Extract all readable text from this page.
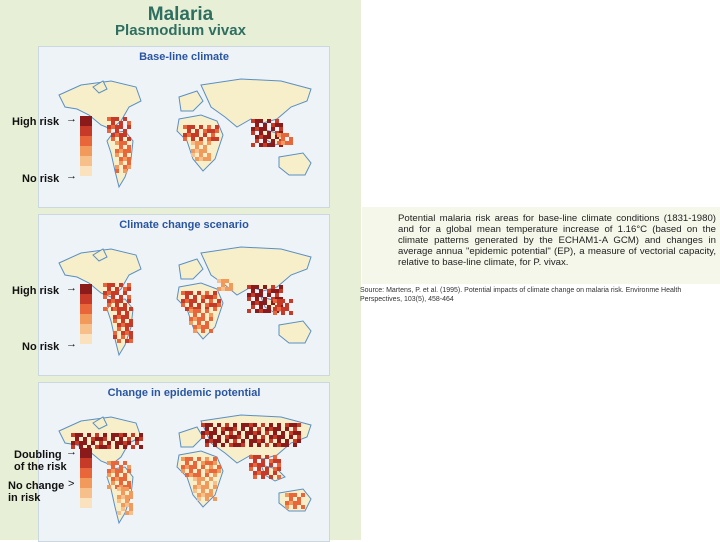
Malaria
Plasmodium vivax
Base-line climate
High risk →
No risk →
Climate change scenario
High risk →
No risk →
Change in epidemic potential
Doubling of the risk
→
No change in risk
>
Potential malaria risk areas for base-line climate conditions (1831-1980) and for a global mean temperature increase of 1.16°C (based on the climate patterns generated by the ECHAM1-A GCM) and changes in average annua "epidemic potential" (EP), a measure of vectorial capacity, relative to base-line climate, for P. vivax.
Source: Martens, P. et al. (1995). Potential impacts of climate change on malaria risk. Environme Health Perspectives, 103(5), 458-464
